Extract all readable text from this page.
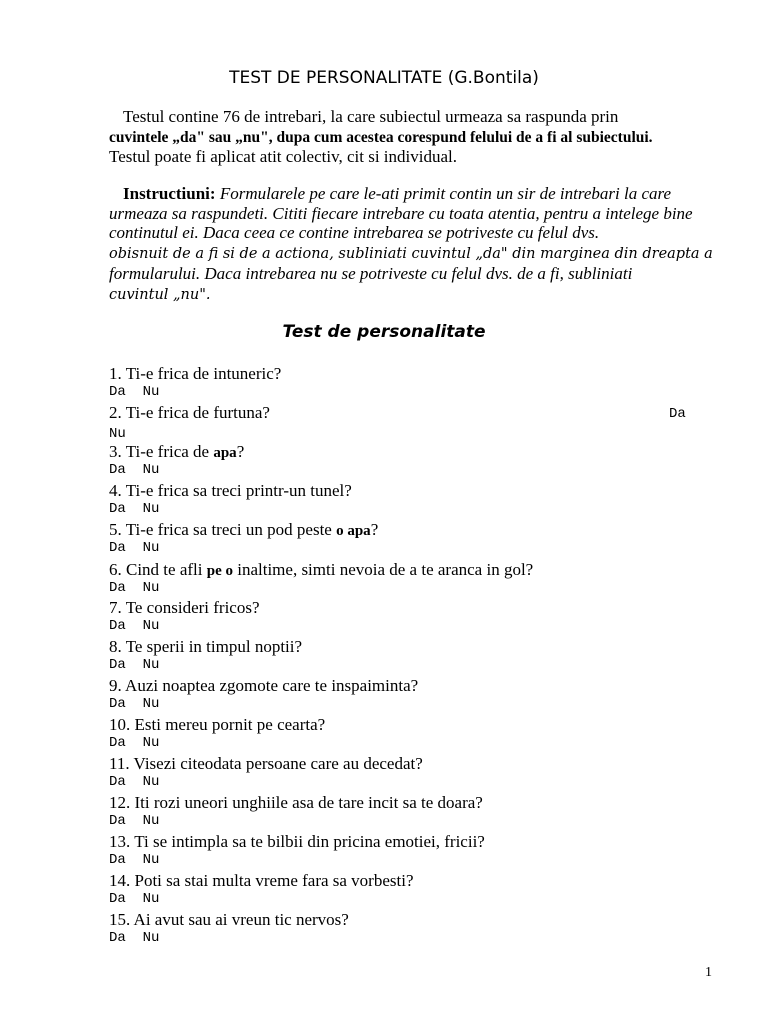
TEST DE PERSONALITATE (G.Bontila)
Testul contine 76 de intrebari, la care subiectul urmeaza sa raspunda prin
cuvintele „da" sau „nu", dupa cum acestea corespund felului de a fi al subiectului.
Testul poate fi aplicat atit colectiv, cit si individual.
Instructiuni: Formularele pe care le-ati primit contin un sir de intrebari la care urmeaza sa raspundeti. Cititi fiecare intrebare cu toata atentia, pentru a intelege bine continutul ei. Daca ceea ce contine intrebarea se potriveste cu felul dvs.
obisnuit de a fi si de a actiona, subliniati cuvintul „da" din marginea din dreapta a
formularului. Daca intrebarea nu se potriveste cu felul dvs. de a fi, subliniati
cuvintul „nu".
Test de personalitate
1. Ti-e frica de intuneric?
Da  Nu
2. Ti-e frica de furtuna?	Da
Nu
3. Ti-e frica de apa?
Da  Nu
4. Ti-e frica sa treci printr-un tunel?
Da  Nu
5. Ti-e frica sa treci un pod peste o apa?
Da  Nu
6. Cind te afli pe o inaltime, simti nevoia de a te aranca in gol?
Da  Nu
7. Te consideri fricos?
Da  Nu
8. Te sperii in timpul noptii?
Da  Nu
9. Auzi noaptea zgomote care te inspaiminta?
Da  Nu
10. Esti mereu pornit pe cearta?
Da  Nu
11. Visezi citeodata persoane care au decedat?
Da  Nu
12. Iti rozi uneori unghiile asa de tare incit sa te doara?
Da  Nu
13. Ti se intimpla sa te bilbii din pricina emotiei, fricii?
Da  Nu
14. Poti sa stai multa vreme fara sa vorbesti?
Da  Nu
15. Ai avut sau ai vreun tic nervos?
Da  Nu
1
